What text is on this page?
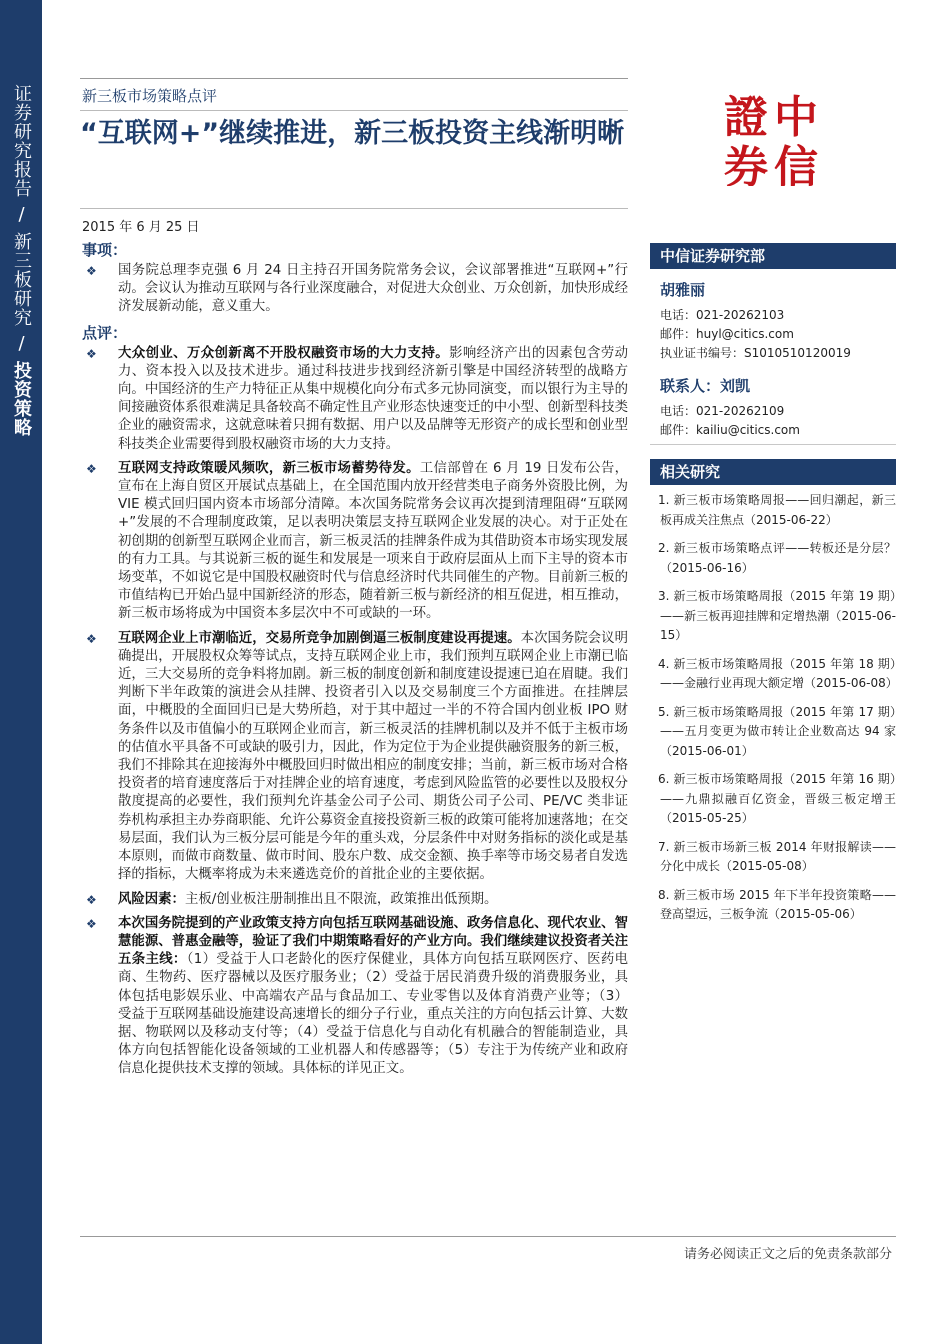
证券研究报告
/
新三板研究
/
投资策略
新三板市场策略点评
“互联网+”继续推进，新三板投资主线渐明晰
2015 年 6 月 25 日
中
信
證
券
事项：
❖ 国务院总理李克强 6 月 24 日主持召开国务院常务会议，会议部署推进“互联网+”行动。会议认为推动互联网与各行业深度融合，对促进大众创业、万众创新，加快形成经济发展新动能，意义重大。
点评：
❖ 大众创业、万众创新离不开股权融资市场的大力支持。影响经济产出的因素包含劳动力、资本投入以及技术进步。通过科技进步找到经济新引擎是中国经济转型的战略方向。中国经济的生产力特征正从集中规模化向分布式多元协同演变，而以银行为主导的间接融资体系很难满足具备较高不确定性且产业形态快速变迁的中小型、创新型科技类企业的融资需求，这就意味着只拥有数据、用户以及品牌等无形资产的成长型和创业型科技类企业需要得到股权融资市场的大力支持。
❖ 互联网支持政策暖风频吹，新三板市场蓄势待发。工信部曾在 6 月 19 日发布公告，宣布在上海自贸区开展试点基础上，在全国范围内放开经营类电子商务外资股比例，为 VIE 模式回归国内资本市场部分清障。本次国务院常务会议再次提到清理阻碍“互联网+”发展的不合理制度政策，足以表明决策层支持互联网企业发展的决心。对于正处在初创期的创新型互联网企业而言，新三板灵活的挂牌条件成为其借助资本市场实现发展的有力工具。与其说新三板的诞生和发展是一项来自于政府层面从上而下主导的资本市场变革，不如说它是中国股权融资时代与信息经济时代共同催生的产物。目前新三板的市值结构已开始凸显中国新经济的形态，随着新三板与新经济的相互促进，相互推动，新三板市场将成为中国资本多层次中不可或缺的一环。
❖ 互联网企业上市潮临近，交易所竞争加剧倒逼三板制度建设再提速。本次国务院会议明确提出，开展股权众筹等试点，支持互联网企业上市，我们预判互联网企业上市潮已临近，三大交易所的竞争料将加剧。新三板的制度创新和制度建设提速已迫在眉睫。我们判断下半年政策的演进会从挂牌、投资者引入以及交易制度三个方面推进。在挂牌层面，中概股的全面回归已是大势所趋，对于其中超过一半的不符合国内创业板 IPO 财务条件以及市值偏小的互联网企业而言，新三板灵活的挂牌机制以及并不低于主板市场的估值水平具备不可或缺的吸引力，因此，作为定位于为企业提供融资服务的新三板，我们不排除其在迎接海外中概股回归时做出相应的制度安排；当前，新三板市场对合格投资者的培育速度落后于对挂牌企业的培育速度，考虑到风险监管的必要性以及股权分散度提高的必要性，我们预判允许基金公司子公司、期货公司子公司、PE/VC 类非证券机构承担主办券商职能、允许公募资金直接投资新三板的政策可能将加速落地；在交易层面，我们认为三板分层可能是今年的重头戏，分层条件中对财务指标的淡化或是基本原则，而做市商数量、做市时间、股东户数、成交金额、换手率等市场交易者自发选择的指标，大概率将成为未来遴选竞价的首批企业的主要依据。
❖ 风险因素：主板/创业板注册制推出且不限流，政策推出低预期。
❖ 本次国务院提到的产业政策支持方向包括互联网基础设施、政务信息化、现代农业、智慧能源、普惠金融等，验证了我们中期策略看好的产业方向。我们继续建议投资者关注五条主线：（1）受益于人口老龄化的医疗保健业，具体方向包括互联网医疗、医药电商、生物药、医疗器械以及医疗服务业；（2）受益于居民消费升级的消费服务业，具体包括电影娱乐业、中高端农产品与食品加工、专业零售以及体育消费产业等；（3）受益于互联网基础设施建设高速增长的细分子行业，重点关注的方向包括云计算、大数据、物联网以及移动支付等；（4）受益于信息化与自动化有机融合的智能制造业，具体方向包括智能化设备领域的工业机器人和传感器等；（5）专注于为传统产业和政府信息化提供技术支撑的领域。具体标的详见正文。
中信证券研究部
胡雅丽
电话：021-20262103
邮件：huyl@citics.com
执业证书编号：S1010510120019
联系人：刘凯
电话：021-20262109
邮件：kailiu@citics.com
相关研究
1. 新三板市场策略周报——回归潮起，新三板再成关注焦点（2015-06-22）
2. 新三板市场策略点评——转板还是分层？（2015-06-16）
3. 新三板市场策略周报（2015 年第 19 期）——新三板再迎挂牌和定增热潮（2015-06-15）
4. 新三板市场策略周报（2015 年第 18 期）——金融行业再现大额定增（2015-06-08）
5. 新三板市场策略周报（2015 年第 17 期）——五月变更为做市转让企业数高达 94 家（2015-06-01）
6. 新三板市场策略周报（2015 年第 16 期）——九鼎拟融百亿资金，晋级三板定增王（2015-05-25）
7. 新三板市场新三板 2014 年财报解读——分化中成长（2015-05-08）
8. 新三板市场 2015 年下半年投资策略——登高望远，三板争流（2015-05-06）
请务必阅读正文之后的免责条款部分
